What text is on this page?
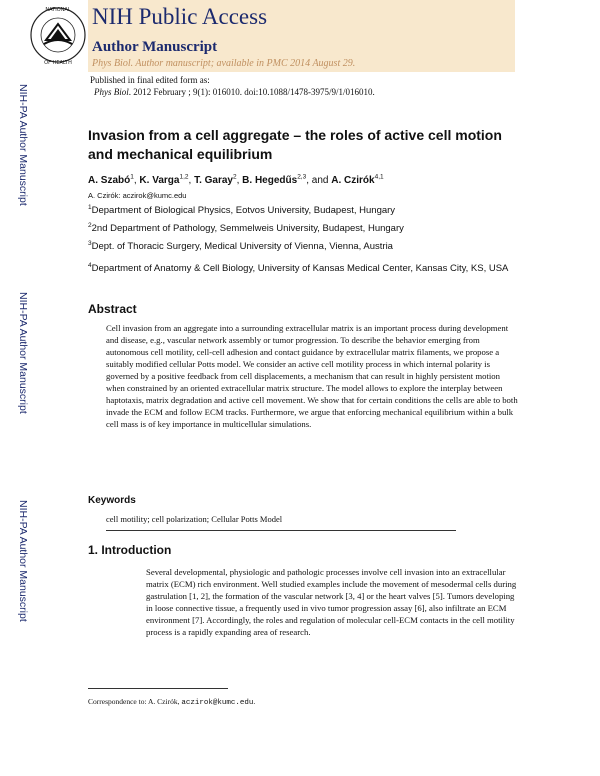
NATIONAL
OF HEALTH
NIH Public Access
Author Manuscript
Phys Biol. Author manuscript; available in PMC 2014 August 29.
Published in final edited form as:
Phys Biol. 2012 February ; 9(1): 016010. doi:10.1088/1478-3975/9/1/016010.
NIH-PA Author Manuscript
NIH-PA Author Manuscript
NIH-PA Author Manuscript
Invasion from a cell aggregate – the roles of active cell motion and mechanical equilibrium
A. Szabó$^1$, K. Varga$^{1,2}$, T. Garay$^2$, B. Hegedűs$^{2,3}$, and A. Czirók$^{4,1}$
A. Czirók: aczirok@kumc.edu
$^1$Department of Biological Physics, Eotvos University, Budapest, Hungary
$^2$2nd Department of Pathology, Semmelweis University, Budapest, Hungary
$^3$Dept. of Thoracic Surgery, Medical University of Vienna, Vienna, Austria
$^4$Department of Anatomy & Cell Biology, University of Kansas Medical Center, Kansas City, KS, USA
Abstract
Cell invasion from an aggregate into a surrounding extracellular matrix is an important process during development and disease, e.g., vascular network assembly or tumor progression. To describe the behavior emerging from autonomous cell motility, cell-cell adhesion and contact guidance by extracellular matrix filaments, we propose a suitably modified cellular Potts model. We consider an active cell motility process in which internal polarity is governed by a positive feedback from cell displacements, a mechanism that can result in highly persistent motion when constrained by an oriented extracellular matrix structure. The model allows to explore the interplay between haptotaxis, matrix degradation and active cell movement. We show that for certain conditions the cells are able to both invade the ECM and follow ECM tracks. Furthermore, we argue that enforcing mechanical equilibrium within a bulk cell mass is of key importance in multicellular simulations.
Keywords
cell motility; cell polarization; Cellular Potts Model
1. Introduction
Several developmental, physiologic and pathologic processes involve cell invasion into an extracellular matrix (ECM) rich environment. Well studied examples include the movement of mesodermal cells during gastrulation [1, 2], the formation of the vascular network [3, 4] or the heart valves [5]. Tumors developing in loose connective tissue, a frequently used in vivo tumor progression assay [6], also infiltrate an ECM environment [7]. Accordingly, the roles and regulation of molecular cell-ECM contacts in the cell motility process is a rapidly expanding area of research.
Correspondence to: A. Czirók, aczirok@kumc.edu.
